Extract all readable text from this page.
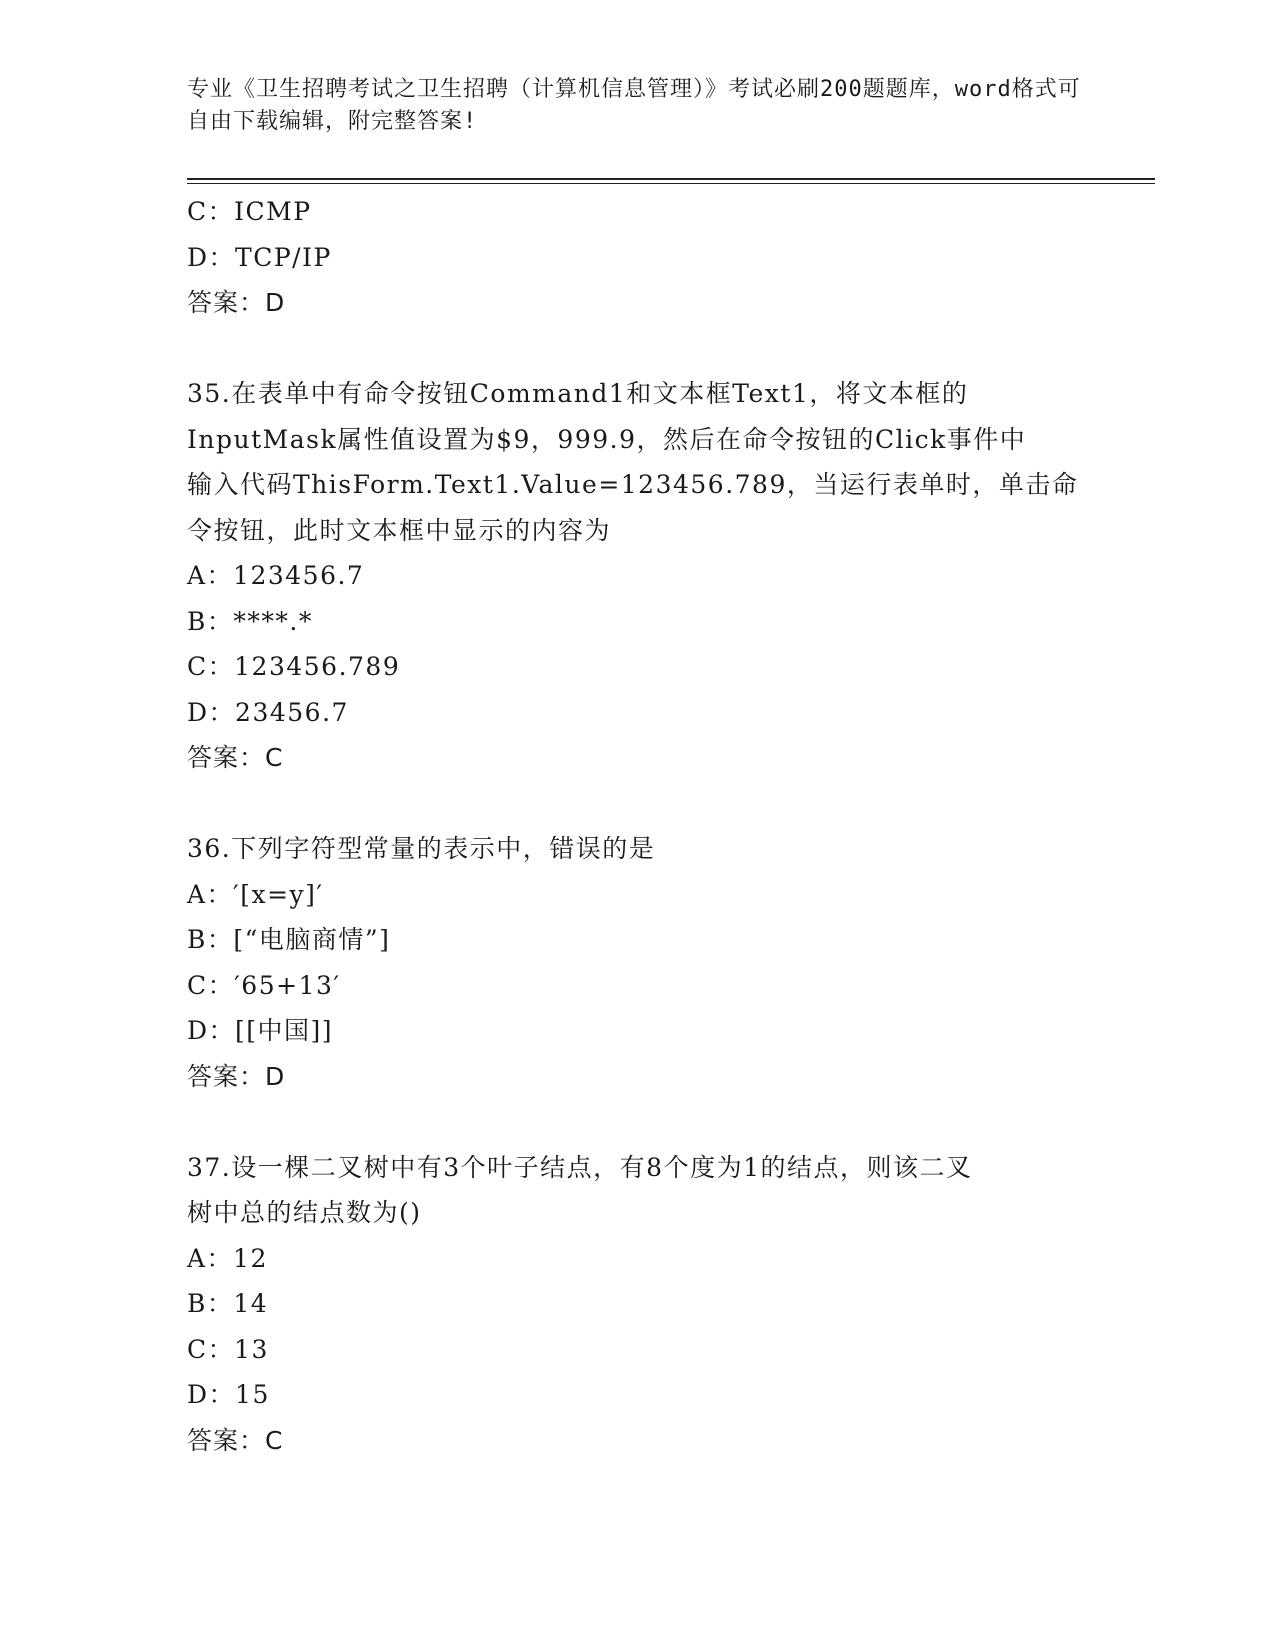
专业《卫生招聘考试之卫生招聘（计算机信息管理）》考试必刷200题题库，word格式可自由下载编辑，附完整答案!

C：ICMP

D：TCP/IP

答案：D

35.在表单中有命令按钮Command1和文本框Text1，将文本框的

InputMask属性值设置为$9，999.9，然后在命令按钮的Click事件中

输入代码ThisForm.Text1.Value=123456.789，当运行表单时，单击命

令按钮，此时文本框中显示的内容为

A：123456.7

B：****.*

C：123456.789

D：23456.7

答案：C

36.下列字符型常量的表示中，错误的是

A：′[x=y]′

B：[“电脑商情”]

C：′65+13′

D：[[中国]]

答案：D

37.设一棵二叉树中有3个叶子结点，有8个度为1的结点，则该二叉

树中总的结点数为()

A：12

B：14

C：13

D：15

答案：C
